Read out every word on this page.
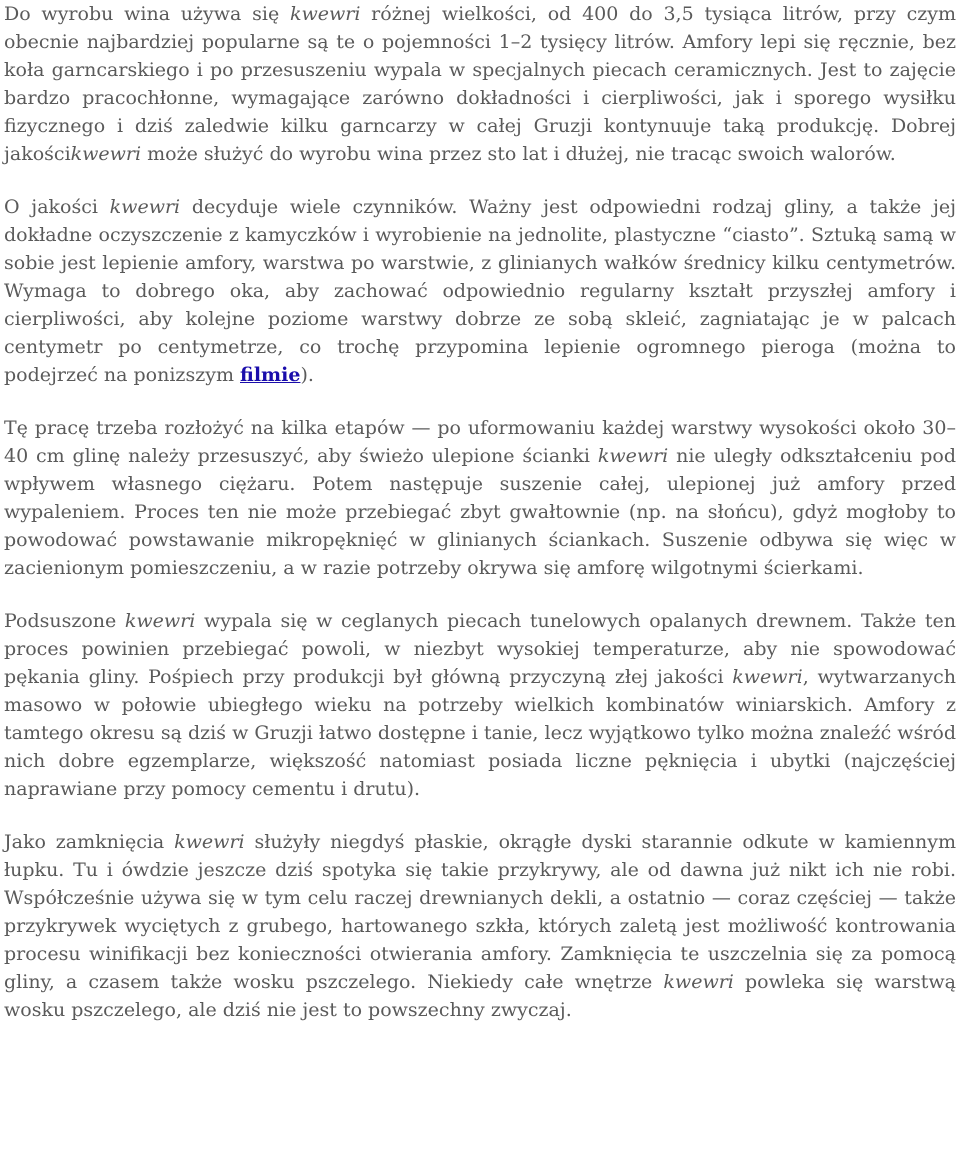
Do wyrobu wina używa się kwewri różnej wielkości, od 400 do 3,5 tysiąca litrów, przy czym obecnie najbardziej popularne są te o pojemności 1–2 tysięcy litrów. Amfory lepi się ręcznie, bez koła garncarskiego i po przesuszeniu wypala w specjalnych piecach ceramicznych. Jest to zajęcie bardzo pracochłonne, wymagające zarówno dokładności i cierpliwości, jak i sporego wysiłku fizycznego i dziś zaledwie kilku garncarzy w całej Gruzji kontynuuje taką produkcję. Dobrej jakościkwewri może służyć do wyrobu wina przez sto lat i dłużej, nie tracąc swoich walorów.

O jakości kwewri decyduje wiele czynników. Ważny jest odpowiedni rodzaj gliny, a także jej dokładne oczyszczenie z kamyczków i wyrobienie na jednolite, plastyczne “ciasto”. Sztuką samą w sobie jest lepienie amfory, warstwa po warstwie, z glinianych wałków średnicy kilku centymetrów. Wymaga to dobrego oka, aby zachować odpowiednio regularny kształt przyszłej amfory i cierpliwości, aby kolejne poziome warstwy dobrze ze sobą skleić, zagniatając je w palcach centymetr po centymetrze, co trochę przypomina lepienie ogromnego pieroga (można to podejrzeć na ponizszym filmie).

Tę pracę trzeba rozłożyć na kilka etapów — po uformowaniu każdej warstwy wysokości około 30–40 cm glinę należy przesuszyć, aby świeżo ulepione ścianki kwewri nie uległy odkształceniu pod wpływem własnego ciężaru. Potem następuje suszenie całej, ulepionej już amfory przed wypaleniem. Proces ten nie może przebiegać zbyt gwałtownie (np. na słońcu), gdyż mogłoby to powodować powstawanie mikropęknięć w glinianych ściankach. Suszenie odbywa się więc w zacienionym pomieszczeniu, a w razie potrzeby okrywa się amforę wilgotnymi ścierkami.

Podsuszone kwewri wypala się w ceglanych piecach tunelowych opalanych drewnem. Także ten proces powinien przebiegać powoli, w niezbyt wysokiej temperaturze, aby nie spowodować pękania gliny. Pośpiech przy produkcji był główną przyczyną złej jakości kwewri, wytwarzanych masowo w połowie ubiegłego wieku na potrzeby wielkich kombinatów winiarskich. Amfory z tamtego okresu są dziś w Gruzji łatwo dostępne i tanie, lecz wyjątkowo tylko można znaleźć wśród nich dobre egzemplarze, większość natomiast posiada liczne pęknięcia i ubytki (najczęściej naprawiane przy pomocy cementu i drutu).

Jako zamknięcia kwewri służyły niegdyś płaskie, okrągłe dyski starannie odkute w kamiennym łupku. Tu i ówdzie jeszcze dziś spotyka się takie przykrywy, ale od dawna już nikt ich nie robi. Współcześnie używa się w tym celu raczej drewnianych dekli, a ostatnio — coraz częściej — także przykrywek wyciętych z grubego, hartowanego szkła, których zaletą jest możliwość kontrowania procesu winifikacji bez konieczności otwierania amfory. Zamknięcia te uszczelnia się za pomocą gliny, a czasem także wosku pszczelego. Niekiedy całe wnętrze kwewri powleka się warstwą wosku pszczelego, ale dziś nie jest to powszechny zwyczaj.
